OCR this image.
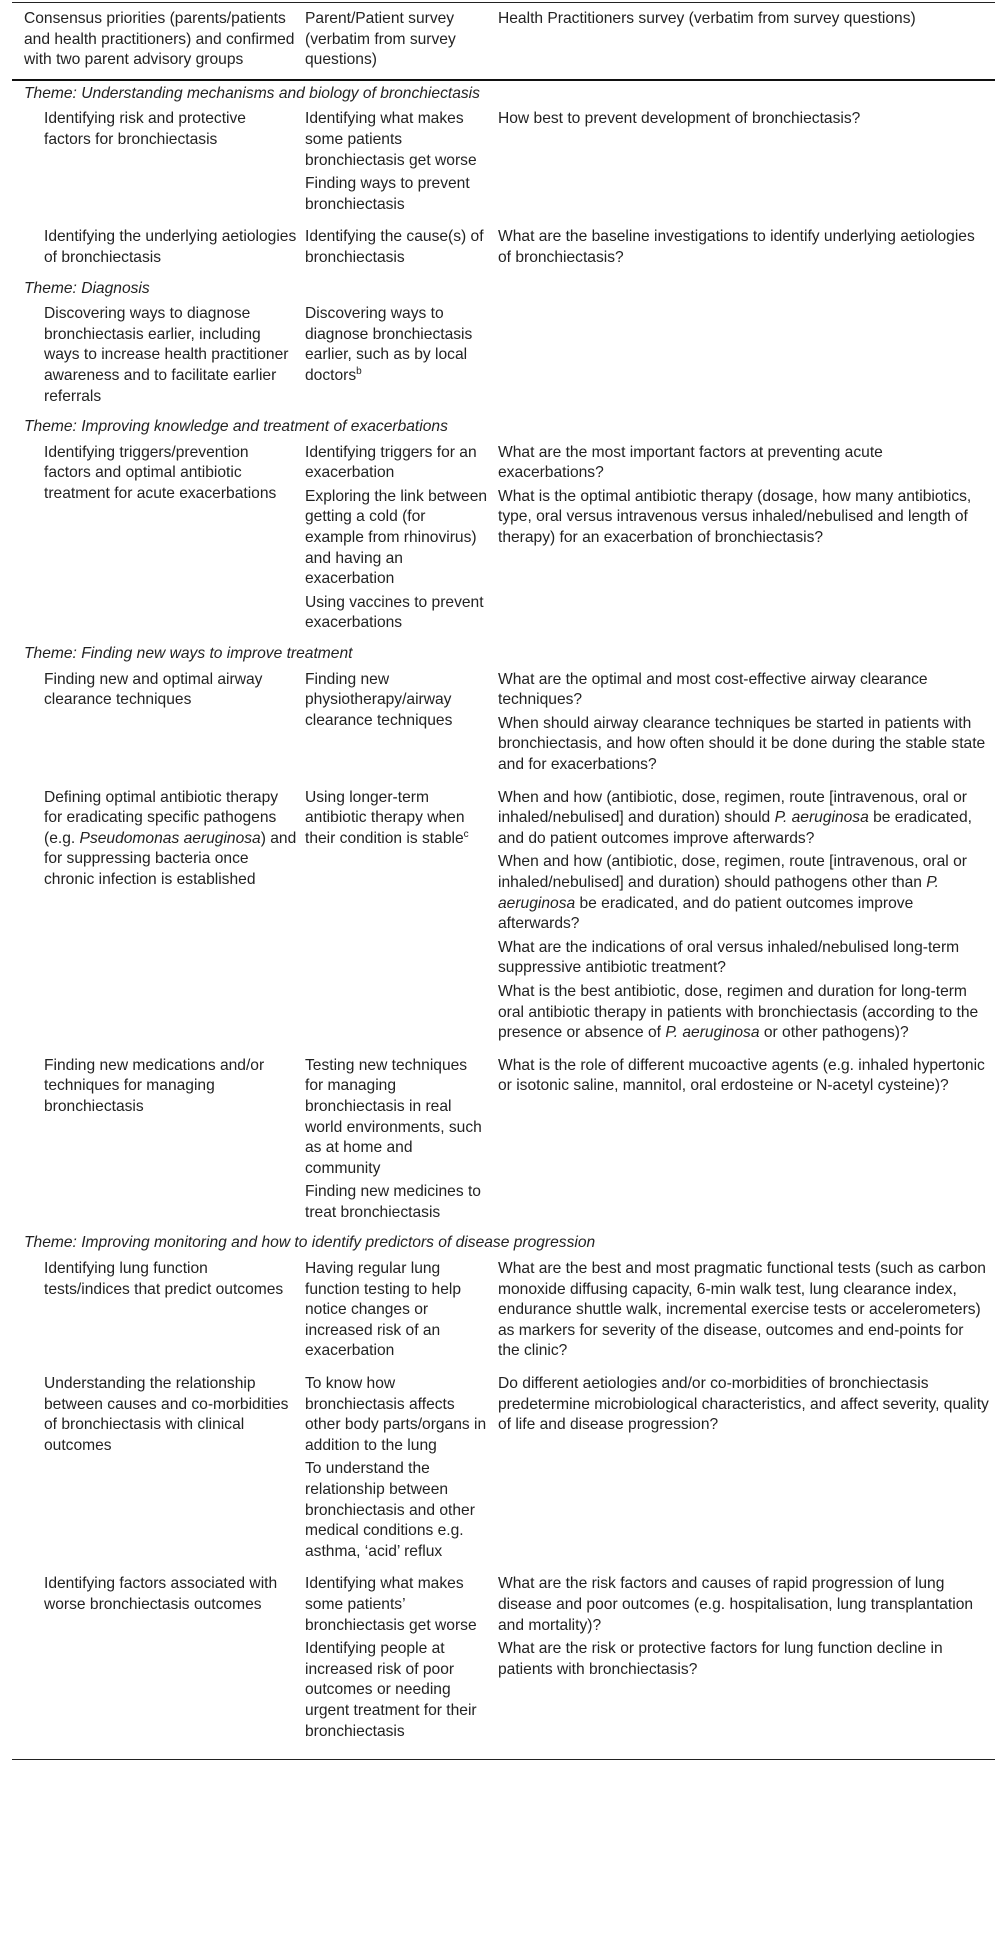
Consensus priorities (parents/patients and health practitioners) and confirmed with two parent advisory groups
Parent/Patient survey (verbatim from survey questions)
Health Practitioners survey (verbatim from survey questions)
Theme: Understanding mechanisms and biology of bronchiectasis
Identifying risk and protective factors for bronchiectasis
Identifying what makes some patients bronchiectasis get worse
Finding ways to prevent bronchiectasis
How best to prevent development of bronchiectasis?
Identifying the underlying aetiologies of bronchiectasis
Identifying the cause(s) of bronchiectasis
What are the baseline investigations to identify underlying aetiologies of bronchiectasis?
Theme: Diagnosis
Discovering ways to diagnose bronchiectasis earlier, including ways to increase health practitioner awareness and to facilitate earlier referrals
Discovering ways to diagnose bronchiectasis earlier, such as by local doctors$^b$
Theme: Improving knowledge and treatment of exacerbations
Identifying triggers/prevention factors and optimal antibiotic treatment for acute exacerbations
Identifying triggers for an exacerbation
Exploring the link between getting a cold (for example from rhinovirus) and having an exacerbation
Using vaccines to prevent exacerbations
What are the most important factors at preventing acute exacerbations?
What is the optimal antibiotic therapy (dosage, how many antibiotics, type, oral versus intravenous versus inhaled/nebulised and length of therapy) for an exacerbation of bronchiectasis?
Theme: Finding new ways to improve treatment
Finding new and optimal airway clearance techniques
Finding new physiotherapy/airway clearance techniques
What are the optimal and most cost-effective airway clearance techniques?
When should airway clearance techniques be started in patients with bronchiectasis, and how often should it be done during the stable state and for exacerbations?
Defining optimal antibiotic therapy for eradicating specific pathogens (e.g. Pseudomonas aeruginosa) and for suppressing bacteria once chronic infection is established
Using longer-term antibiotic therapy when their condition is stable$^c$
When and how (antibiotic, dose, regimen, route [intravenous, oral or inhaled/nebulised] and duration) should P. aeruginosa be eradicated, and do patient outcomes improve afterwards?
When and how (antibiotic, dose, regimen, route [intravenous, oral or inhaled/nebulised] and duration) should pathogens other than P. aeruginosa be eradicated, and do patient outcomes improve afterwards?
What are the indications of oral versus inhaled/nebulised long-term suppressive antibiotic treatment?
What is the best antibiotic, dose, regimen and duration for long-term oral antibiotic therapy in patients with bronchiectasis (according to the presence or absence of P. aeruginosa or other pathogens)?
Finding new medications and/or techniques for managing bronchiectasis
Testing new techniques for managing bronchiectasis in real world environments, such as at home and community
Finding new medicines to treat bronchiectasis
What is the role of different mucoactive agents (e.g. inhaled hypertonic or isotonic saline, mannitol, oral erdosteine or N-acetyl cysteine)?
Theme: Improving monitoring and how to identify predictors of disease progression
Identifying lung function tests/indices that predict outcomes
Having regular lung function testing to help notice changes or increased risk of an exacerbation
What are the best and most pragmatic functional tests (such as carbon monoxide diffusing capacity, 6-min walk test, lung clearance index, endurance shuttle walk, incremental exercise tests or accelerometers) as markers for severity of the disease, outcomes and end-points for the clinic?
Understanding the relationship between causes and co-morbidities of bronchiectasis with clinical outcomes
To know how bronchiectasis affects other body parts/organs in addition to the lung
To understand the relationship between bronchiectasis and other medical conditions e.g. asthma, ‘acid’ reflux
Do different aetiologies and/or co-morbidities of bronchiectasis predetermine microbiological characteristics, and affect severity, quality of life and disease progression?
Identifying factors associated with worse bronchiectasis outcomes
Identifying what makes some patients’ bronchiectasis get worse
Identifying people at increased risk of poor outcomes or needing urgent treatment for their bronchiectasis
What are the risk factors and causes of rapid progression of lung disease and poor outcomes (e.g. hospitalisation, lung transplantation and mortality)?
What are the risk or protective factors for lung function decline in patients with bronchiectasis?
